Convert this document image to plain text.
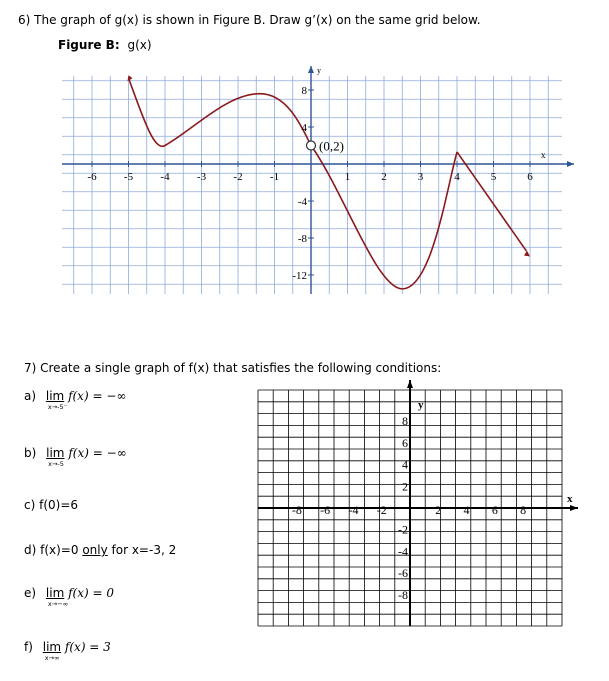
6) The graph of g(x) is shown in Figure B. Draw g’(x) on the same grid below.
Figure B: g(x)
-6 -5 -4 -3 -2 -1	1	2	3	4	5	6
8
4
-4
-8
-12
x
y
(0,2)
7) Create a single graph of f(x) that satisfies the following conditions:
a) lim
x→-5⁻
f(x) = −∞
b) lim
x→-5
f(x) = −∞
c) f(0)=6
d) f(x)=0 only for x=-3, 2
e) lim
x→−∞
f(x) = 0
f) lim
x→∞
f(x) = 3
-8 -6 -4 -2	2 4 6 8
8
6
4
2
-2
-4
-6
-8
x
y
